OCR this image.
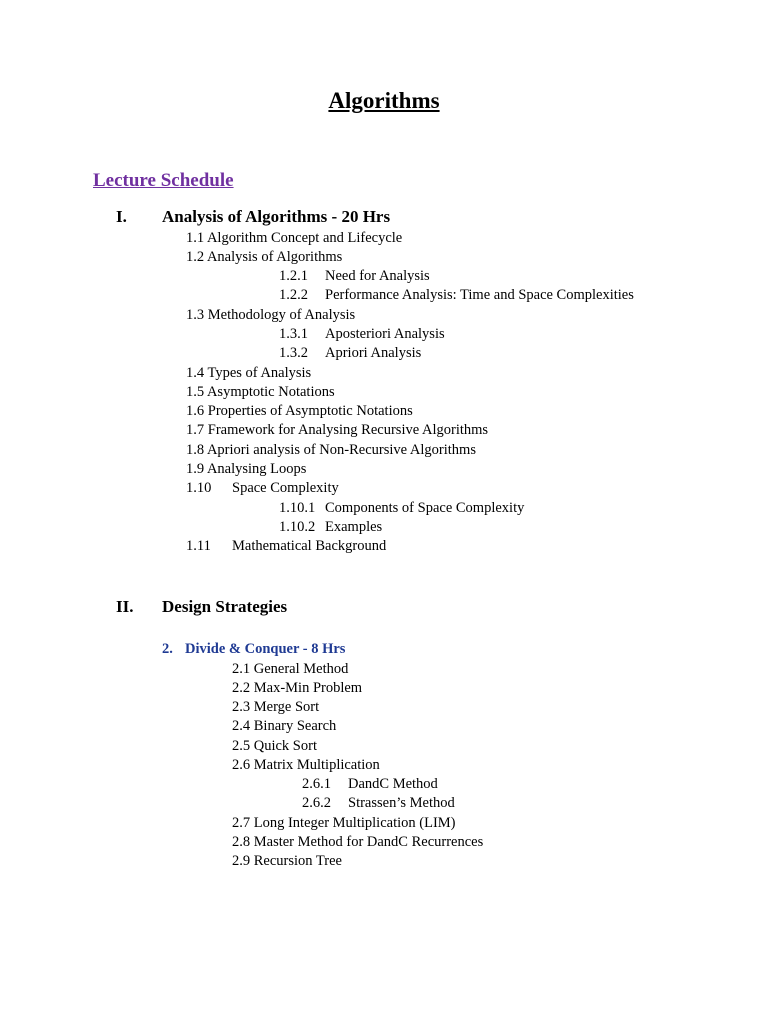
Algorithms
Lecture Schedule
I. Analysis of Algorithms - 20 Hrs
1.1 Algorithm Concept and Lifecycle
1.2 Analysis of Algorithms
1.2.1 Need for Analysis
1.2.2 Performance Analysis: Time and Space Complexities
1.3 Methodology of Analysis
1.3.1 Aposteriori Analysis
1.3.2 Apriori Analysis
1.4 Types of Analysis
1.5 Asymptotic Notations
1.6 Properties of Asymptotic Notations
1.7 Framework for Analysing Recursive Algorithms
1.8 Apriori analysis of Non-Recursive Algorithms
1.9 Analysing Loops
1.10 Space Complexity
1.10.1 Components of Space Complexity
1.10.2 Examples
1.11 Mathematical Background
II. Design Strategies
2. Divide & Conquer - 8 Hrs
2.1 General Method
2.2 Max-Min Problem
2.3 Merge Sort
2.4 Binary Search
2.5 Quick Sort
2.6 Matrix Multiplication
2.6.1 DandC Method
2.6.2 Strassen’s Method
2.7 Long Integer Multiplication (LIM)
2.8 Master Method for DandC Recurrences
2.9 Recursion Tree
